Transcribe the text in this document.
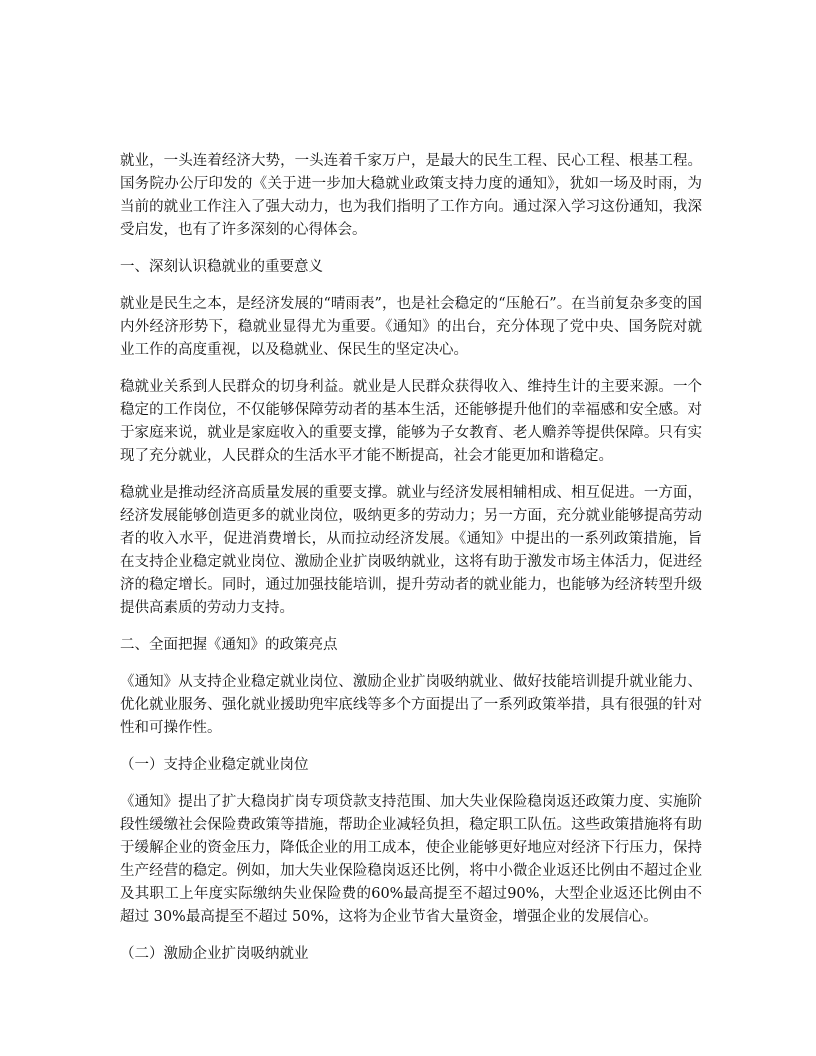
就业，一头连着经济大势，一头连着千家万户，是最大的民生工程、民心工程、根基工程。国务院办公厅印发的《关于进一步加大稳就业政策支持力度的通知》，犹如一场及时雨，为当前的就业工作注入了强大动力，也为我们指明了工作方向。通过深入学习这份通知，我深受启发，也有了许多深刻的心得体会。

一、深刻认识稳就业的重要意义

就业是民生之本，是经济发展的“晴雨表”，也是社会稳定的“压舱石”。在当前复杂多变的国内外经济形势下，稳就业显得尤为重要。《通知》的出台，充分体现了党中央、国务院对就业工作的高度重视，以及稳就业、保民生的坚定决心。

稳就业关系到人民群众的切身利益。就业是人民群众获得收入、维持生计的主要来源。一个稳定的工作岗位，不仅能够保障劳动者的基本生活，还能够提升他们的幸福感和安全感。对于家庭来说，就业是家庭收入的重要支撑，能够为子女教育、老人赡养等提供保障。只有实现了充分就业，人民群众的生活水平才能不断提高，社会才能更加和谐稳定。

稳就业是推动经济高质量发展的重要支撑。就业与经济发展相辅相成、相互促进。一方面，经济发展能够创造更多的就业岗位，吸纳更多的劳动力；另一方面，充分就业能够提高劳动者的收入水平，促进消费增长，从而拉动经济发展。《通知》中提出的一系列政策措施，旨在支持企业稳定就业岗位、激励企业扩岗吸纳就业，这将有助于激发市场主体活力，促进经济的稳定增长。同时，通过加强技能培训，提升劳动者的就业能力，也能够为经济转型升级提供高素质的劳动力支持。

二、全面把握《通知》的政策亮点

《通知》从支持企业稳定就业岗位、激励企业扩岗吸纳就业、做好技能培训提升就业能力、优化就业服务、强化就业援助兜牢底线等多个方面提出了一系列政策举措，具有很强的针对性和可操作性。

（一）支持企业稳定就业岗位

《通知》提出了扩大稳岗扩岗专项贷款支持范围、加大失业保险稳岗返还政策力度、实施阶段性缓缴社会保险费政策等措施，帮助企业减轻负担，稳定职工队伍。这些政策措施将有助于缓解企业的资金压力，降低企业的用工成本，使企业能够更好地应对经济下行压力，保持生产经营的稳定。例如，加大失业保险稳岗返还比例，将中小微企业返还比例由不超过企业及其职工上年度实际缴纳失业保险费的60%最高提至不超过90%，大型企业返还比例由不超过 30%最高提至不超过 50%，这将为企业节省大量资金，增强企业的发展信心。

（二）激励企业扩岗吸纳就业
